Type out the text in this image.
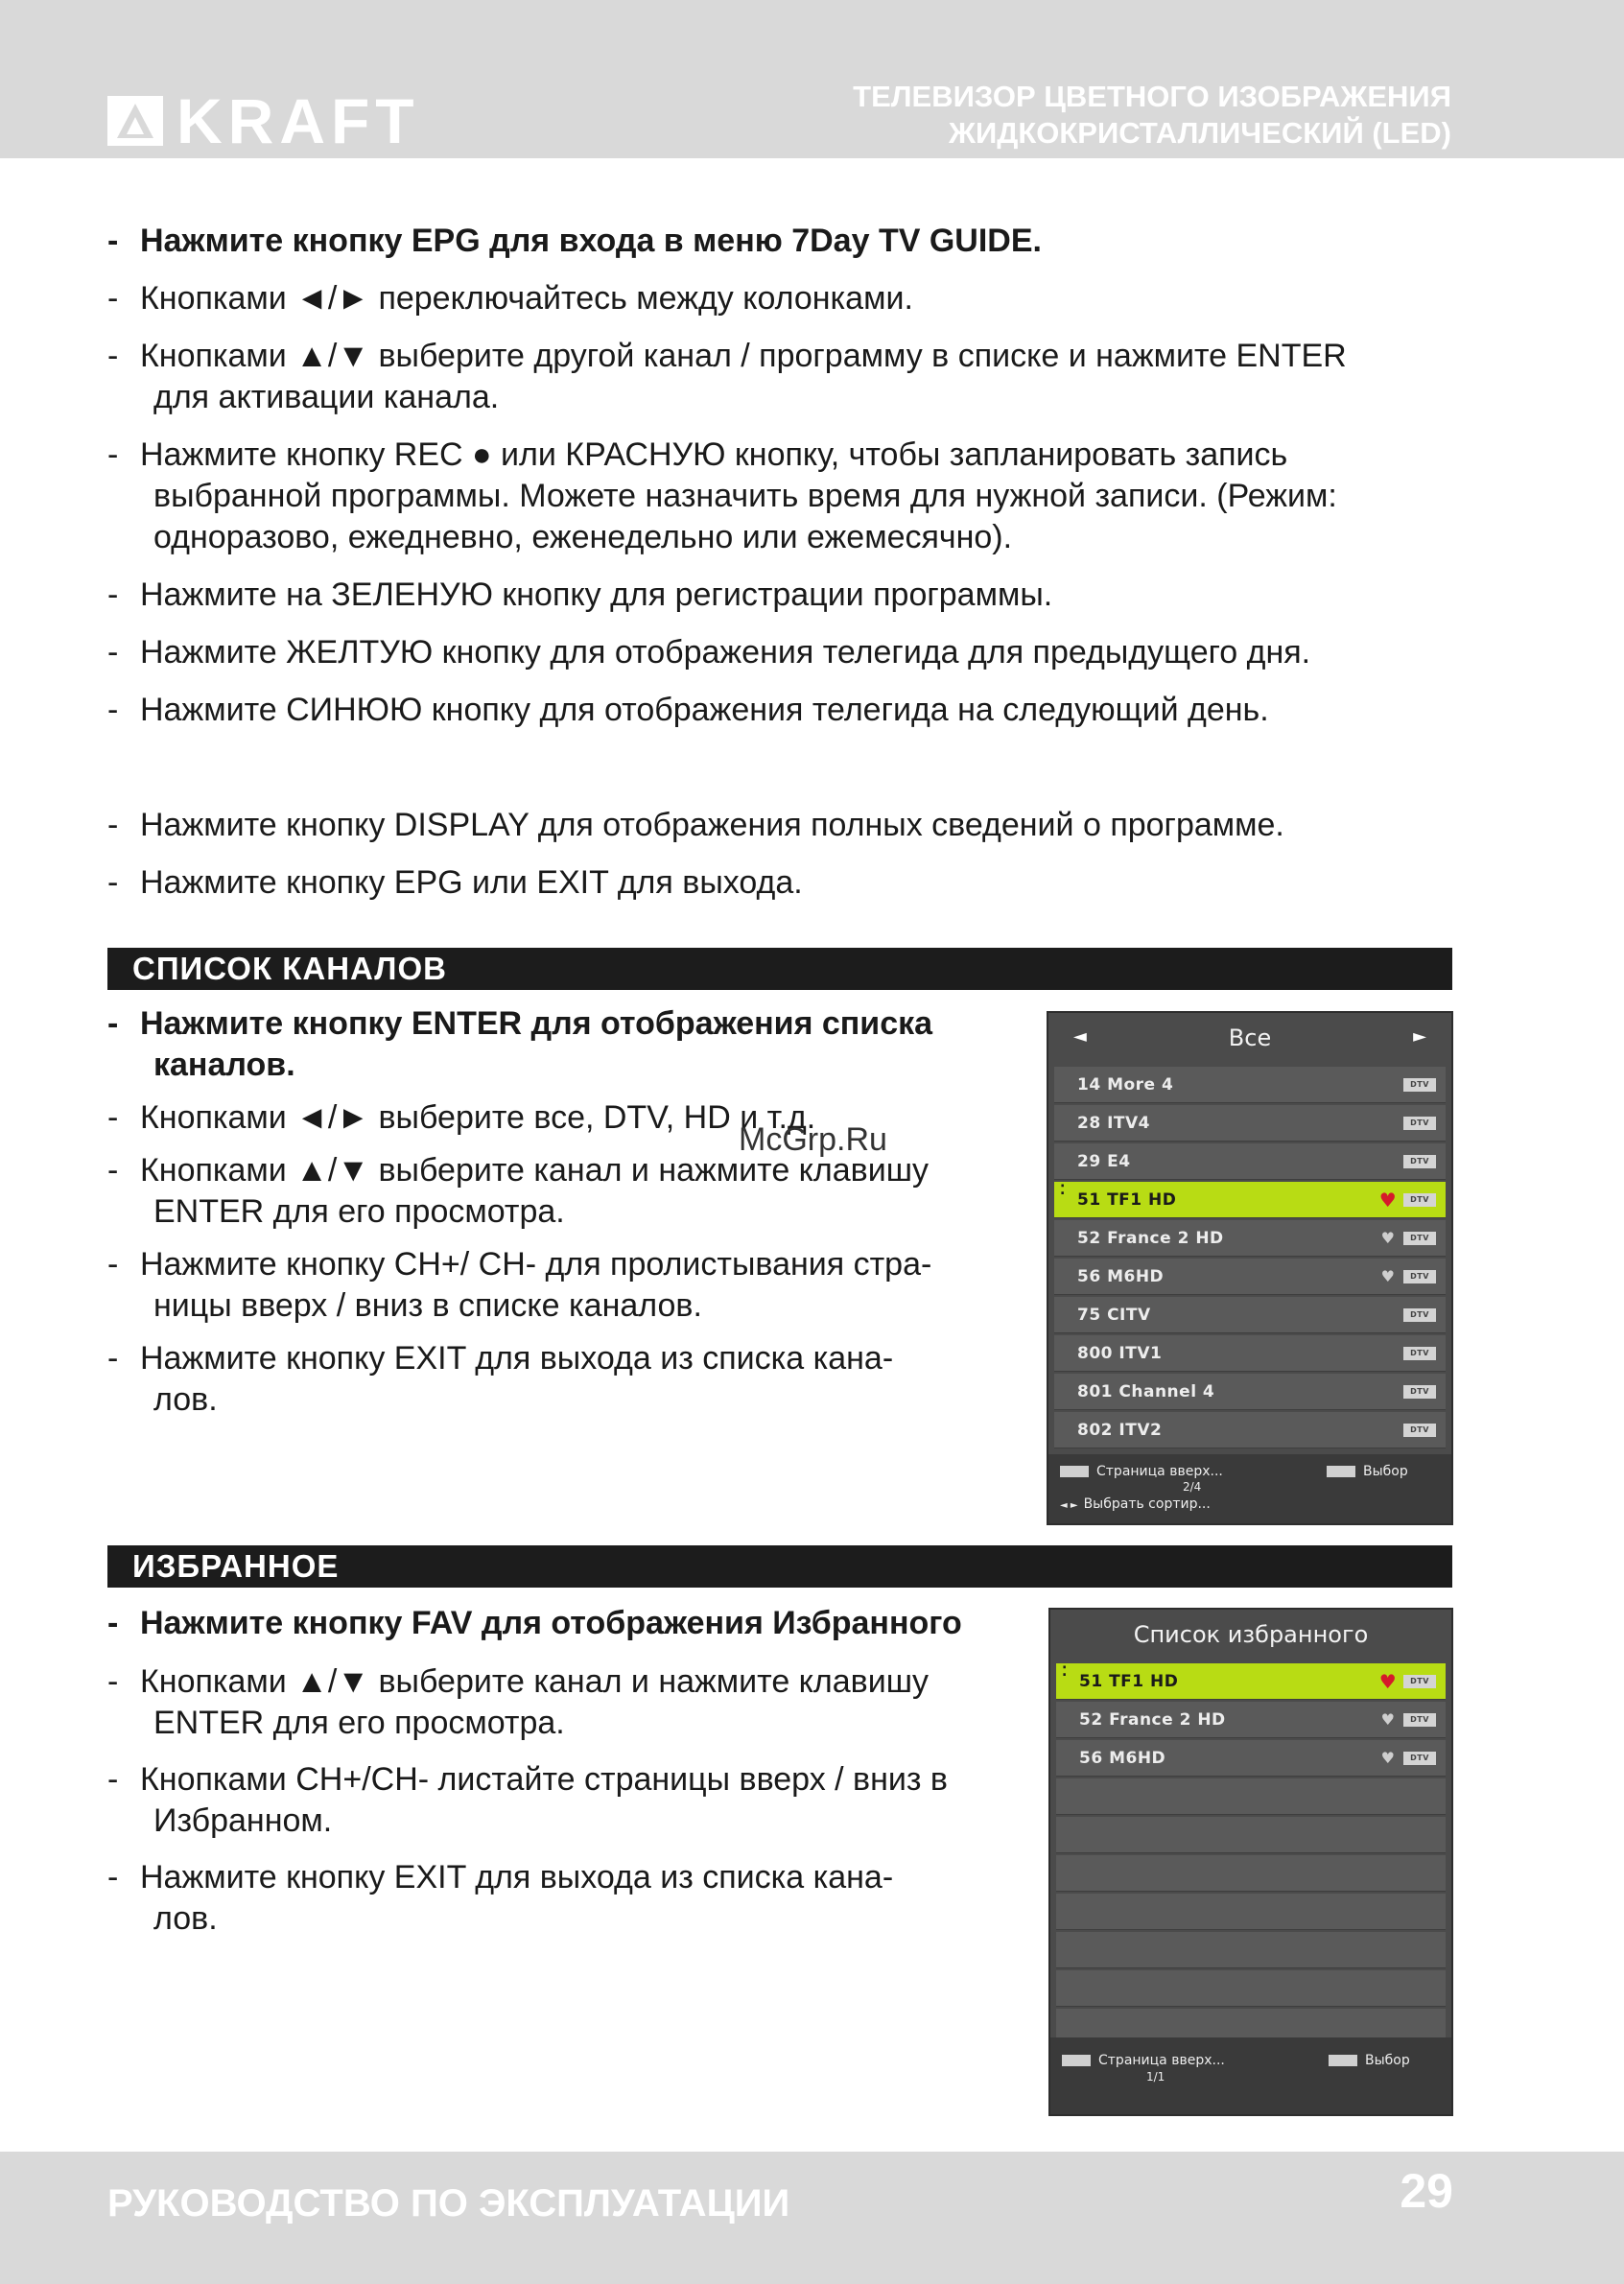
KRAFT	ТЕЛЕВИЗОР ЦВЕТНОГО ИЗОБРАЖЕНИЯ
ЖИДКОКРИСТАЛЛИЧЕСКИЙ (LED)
- Нажмите кнопку EPG для входа в меню 7Day TV GUIDE.
- Кнопками ◄/► переключайтесь между колонками.
- Кнопками ▲/▼ выберите другой канал / программу в списке и нажмите ENTER
для активации канала.
- Нажмите кнопку REC ● или КРАСНУЮ кнопку, чтобы запланировать запись
выбранной программы. Можете назначить время для нужной записи. (Режим:
одноразово, ежедневно, еженедельно или ежемесячно).
- Нажмите на ЗЕЛЕНУЮ кнопку для регистрации программы.
- Нажмите ЖЕЛТУЮ кнопку для отображения телегида для предыдущего дня.
- Нажмите СИНЮЮ кнопку для отображения телегида на следующий день.
- Нажмите кнопку DISPLAY для отображения полных сведений о программе.
- Нажмите кнопку EPG или EXIT для выхода.
СПИСОК КАНАЛОВ
- Нажмите кнопку ENTER для отображения списка
каналов.
- Кнопками ◄/► выберите все, DTV, HD и т.д.
- Кнопками ▲/▼ выберите канал и нажмите клавишу
ENTER для его просмотра.
- Нажмите кнопку CH+/ CH- для пролистывания стра-
ницы вверх / вниз в списке каналов.
- Нажмите кнопку EXIT для выхода из списка кана-
лов.
◄	Все	►
14 More 4	DTV
28 ITV4	DTV
29 E4	DTV
⁚ 51 TF1 HD	♥	DTV
52 France 2 HD	♥	DTV
56 M6HD	♥	DTV
75 CITV	DTV
800 ITV1	DTV
801 Channel 4	DTV
802 ITV2	DTV
Страница вверх...
2/4
◄ ► Выбрать сортир...
Выбор
McGrp.Ru
ИЗБРАННОЕ
- Нажмите кнопку FAV для отображения Избранного
- Кнопками ▲/▼ выберите канал и нажмите клавишу
ENTER для его просмотра.
- Кнопками CH+/CH- листайте страницы вверх / вниз в
Избранном.
- Нажмите кнопку EXIT для выхода из списка кана-
лов.
Список избранного
⁚ 51 TF1 HD	♥	DTV
52 France 2 HD	♥	DTV
56 M6HD	♥	DTV
Страница вверх...
1/1
Выбор
РУКОВОДСТВО ПО ЭКСПЛУАТАЦИИ	29
